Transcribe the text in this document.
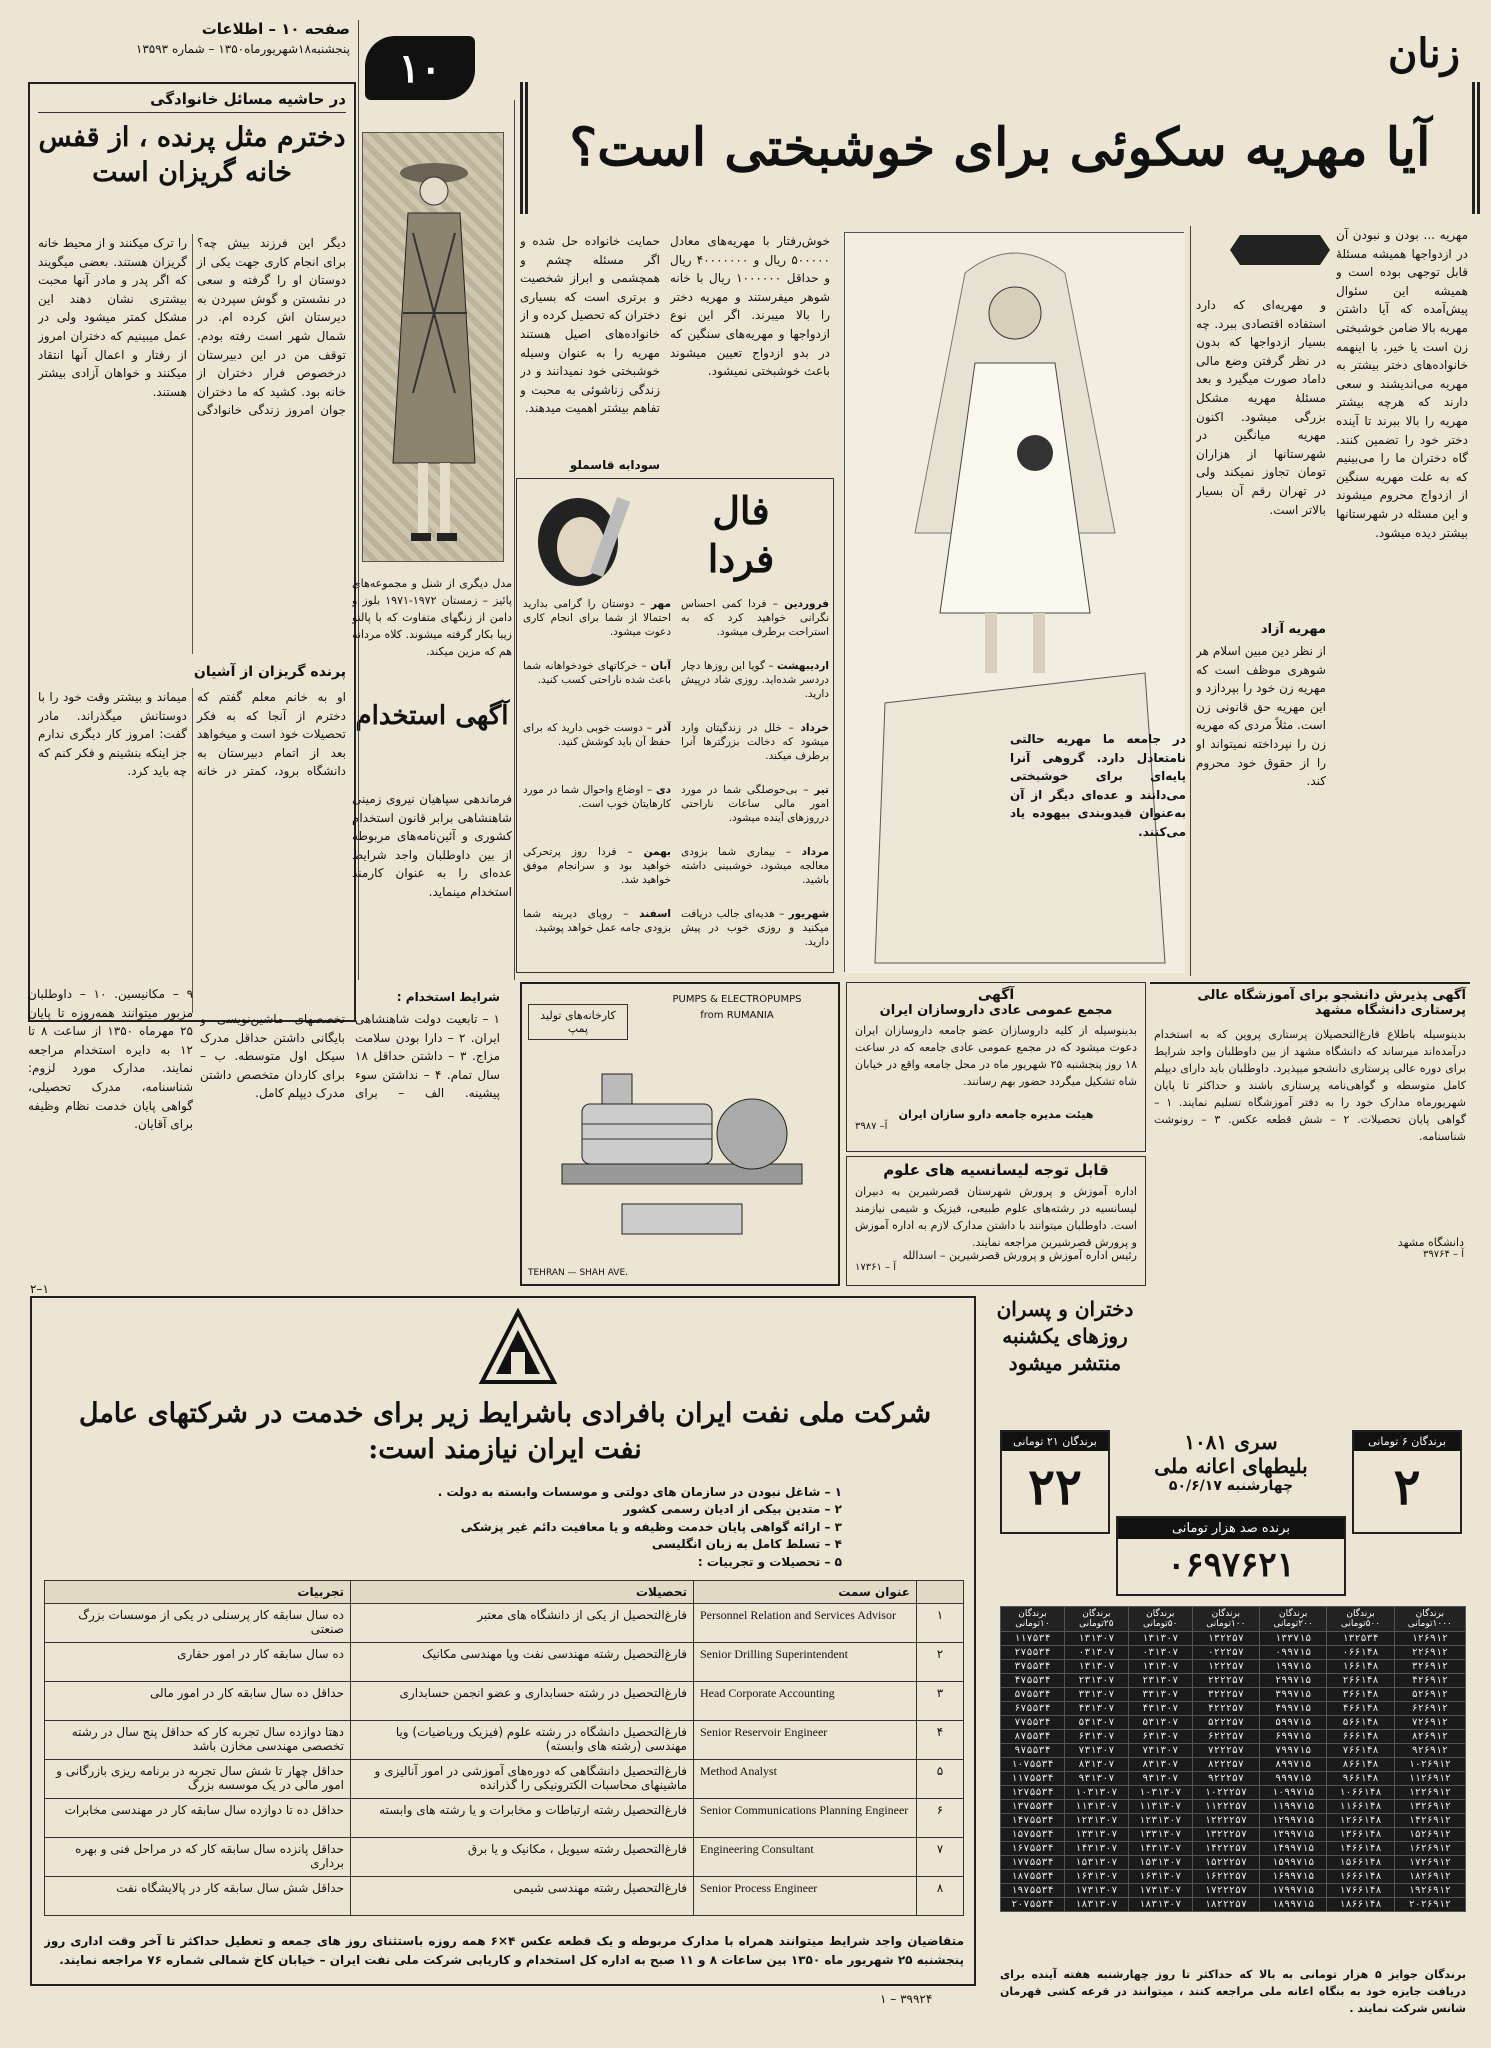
صفحه ۱۰ – اطلاعات
پنجشنبه۱۸شهریورماه۱۳۵۰ – شماره ۱۳۵۹۳
در حاشیه مسائل خانوادگی
دخترم مثل پرنده ، از قفس خانه گریزان است
دیگر این فرزند بیش چه؟ برای انجام کاری جهت یکی از دوستان او را گرفته و سعی در نشستن و گوش سپردن به دیرستان اش کرده ام. در شمال شهر است رفته بودم. توقف من در این دبیرستان درخصوص فرار دختران از خانه بود. کشید که ما دختران جوان امروز زندگی خانوادگی را ترک میکنند و از محیط خانه گریزان هستند. بعضی میگویند که اگر پدر و مادر آنها محبت بیشتری نشان دهند این مشکل کمتر میشود ولی در عمل میبینیم که دختران امروز از رفتار و اعمال آنها انتقاد میکنند و خواهان آزادی بیشتر هستند.
پرنده گریزان از آشیان
او به خانم معلم گفتم که دخترم از آنجا که به فکر تحصیلات خود است و میخواهد بعد از اتمام دبیرستان به دانشگاه برود، کمتر در خانه میماند و بیشتر وقت خود را با دوستانش میگذراند. مادر گفت: امروز کار دیگری ندارم جز اینکه بنشینم و فکر کنم که چه باید کرد.
۱۰
مدل دیگری از شنل و مجموعه‌های پائیز – زمستان ۱۹۷۲-۱۹۷۱ بلوز و دامن از زنگهای متفاوت که با پالتو زیبا بکار گرفته میشوند. کلاه مردانه هم که مزین میکند.
زنان
آیا مهریه سکوئی برای خوشبختی است؟
مهریه ... بودن و نبودن آن در ازدواجها همیشه مسئلهٔ قابل توجهی بوده است و همیشه این سئوال پیش‌آمده که آیا داشتن مهریه بالا ضامن خوشبختی زن است یا خیر. با اینهمه خانواده‌های دختر بیشتر به مهریه می‌اندیشند و سعی دارند که هرچه بیشتر مهریه را بالا ببرند تا آینده دختر خود را تضمین کنند. گاه دختران ما را می‌بینیم که به علت مهریه سنگین از ازدواج محروم میشوند و این مسئله در شهرستانها بیشتر دیده میشود.
و مهریه‌ای که دارد استفاده اقتصادی ببرد. چه بسیار ازدواجها که بدون در نظر گرفتن وضع مالی داماد صورت میگیرد و بعد مسئلهٔ مهریه مشکل بزرگی میشود. اکنون مهریه میانگین در شهرستانها از هزاران تومان تجاوز نمیکند ولی در تهران رقم آن بسیار بالاتر است.
مهریه آزاد
از نظر دین مبین اسلام هر شوهری موظف است که مهریه زن خود را بپردازد و این مهریه حق قانونی زن است. مثلاً مردی که مهریه زن را نپرداخته نمیتواند او را از حقوق خود محروم کند.
در جامعه ما مهریه حالتی نامتعادل دارد. گروهی آنرا پایه‌ای برای خوشبختی می‌دانند و عده‌ای دیگر از آن به‌عنوان قیدوبندی بیهوده یاد می‌کنند.
خوش‌رفتار با مهریه‌های معادل ۵۰۰۰۰۰ ریال و ۴۰۰۰۰۰۰۰ ریال و حداقل ۱۰۰۰۰۰۰ ریال با خانه شوهر میفرستند و مهریه دختر را بالا میبرند. اگر این نوع ازدواجها و مهریه‌های سنگین که در بدو ازدواج تعیین میشوند باعث خوشبختی نمیشود.
حمایت خانواده حل شده و اگر مسئله چشم و همچشمی و ابراز شخصیت و برتری است که بسیاری دختران که تحصیل کرده و از خانواده‌های اصیل هستند مهریه را به عنوان وسیله خوشبختی خود نمیدانند و در زندگی زناشوئی به محبت و تفاهم بیشتر اهمیت میدهند.
سودابه قاسملو
فال
فردا
فروردین – فردا کمی احساس نگرانی خواهید کرد که به استراحت برطرف میشود.
اردیبهشت – گویا این روزها دچار دردسر شده‌اید. روزی شاد درپیش دارید.
خرداد – خلل در زندگیتان وارد میشود که دخالت بزرگترها آنرا برطرف میکند.
تیر – بی‌حوصلگی شما در مورد امور مالی ساعات ناراحتی درروزهای آینده میشود.
مرداد – بیماری شما بزودی معالجه میشود، خوشبینی داشته باشید.
شهریور – هدیه‌ای جالب دریافت میکنید و روزی خوب در پیش دارید.
مهر – دوستان را گرامی بدارید احتمالا از شما برای انجام کاری دعوت میشود.
آبان – خرکاتهای خودخواهانه شما باعث شده ناراحتی کسب کنید.
آذر – دوست خوبی دارید که برای حفظ آن باید کوشش کنید.
دی – اوضاع واحوال شما در مورد کارهایتان خوب است.
بهمن – فردا روز پرتحرکی خواهید بود و سرانجام موفق خواهید شد.
اسفند – رویای دیرینه شما بزودی جامه عمل خواهد پوشید.
آگهی استخدام
فرماندهی سپاهیان نیروی زمینی شاهنشاهی برابر قانون استخدام کشوری و آئین‌نامه‌های مربوطه از بین داوطلبان واجد شرایط عده‌ای را به عنوان کارمند استخدام مینماید.
شرایط استخدام :
۱ – تابعیت دولت شاهنشاهی ایران. ۲ – دارا بودن سلامت مزاج. ۳ – داشتن حداقل ۱۸ سال تمام. ۴ – نداشتن سوء پیشینه. الف – برای تخصصهای ماشین‌نویسی و بایگانی داشتن حداقل مدرک سیکل اول متوسطه. ب – برای کاردان متخصص داشتن مدرک دیپلم کامل.
۹ – مکانیسین. ۱۰ – داوطلبان مزبور میتوانند همه‌روزه تا پایان ۲۵ مهرماه ۱۳۵۰ از ساعت ۸ تا ۱۲ به دایره استخدام مراجعه نمایند. مدارک مورد لزوم: شناسنامه، مدرک تحصیلی، گواهی پایان خدمت نظام وظیفه برای آقایان.
۲–۱
PUMPS & ELECTROPUMPS
from RUMANIA
کارخانه‌های تولید پمپ
TEHRAN — SHAH AVE.
آگهی
مجمع عمومی عادی داروسازان ایران
بدینوسیله از کلیه داروسازان عضو جامعه داروسازان ایران دعوت میشود که در مجمع عمومی عادی جامعه که در ساعت ۱۸ روز پنجشنبه ۲۵ شهریور ماه در محل جامعه واقع در خیابان شاه تشکیل میگردد حضور بهم رسانند.
هیئت مدیره جامعه دارو سازان ایران
آ– ۳۹۸۷
قابل توجه لیسانسیه های علوم
اداره آموزش و پرورش شهرستان قصرشیرین به دبیران لیسانسیه در رشته‌های علوم طبیعی، فیزیک و شیمی نیازمند است. داوطلبان میتوانند با داشتن مدارک لازم به اداره آموزش و پرورش قصرشیرین مراجعه نمایند.
رئیس اداره آموزش و پرورش قصرشیرین – اسدالله
آ – ۱۷۳۶۱
آگهی پذیرش دانشجو برای آموزشگاه عالی پرستاری دانشگاه مشهد
بدینوسیله باطلاع فارغ‌التحصیلان پرستاری پروین که به استخدام درآمده‌اند میرساند که دانشگاه مشهد از بین داوطلبان واجد شرایط برای دوره عالی پرستاری دانشجو میپذیرد. داوطلبان باید دارای دیپلم کامل متوسطه و گواهی‌نامه پرستاری باشند و حداکثر تا پایان شهریورماه مدارک خود را به دفتر آموزشگاه تسلیم نمایند. ۱ – گواهی پایان تحصیلات. ۲ – شش قطعه عکس. ۳ – رونوشت شناسنامه.
دانشگاه مشهد
آ – ۳۹۷۶۴
دختران و پسران روزهای یکشنبه منتشر میشود
شرکت ملی نفت ایران بافرادی باشرایط زیر برای خدمت در شرکتهای عامل نفت ایران نیازمند است:
۱ – شاغل نبودن در سازمان های دولتی و موسسات وابسته به دولت .
۲ – متدین بیکی از ادیان رسمی کشور
۳ – ارائه گواهی پایان خدمت وظیفه و یا معافیت دائم غیر پزشکی
۴ – تسلط کامل به زبان انگلیسی
۵ – تحصیلات و تجربیات :
	عنوان سمت	تحصیلات	تجربیات
۱	Personnel Relation and Services Advisor	فارغ‌التحصیل از یکی از دانشگاه های معتبر	ده سال سابقه کار پرسنلی در یکی از موسسات بزرگ صنعتی
۲	Senior Drilling Superintendent	فارغ‌التحصیل رشته مهندسی نفت ویا مهندسی مکانیک	ده سال سابقه کار در امور حفاری
۳	Head Corporate Accounting	فارغ‌التحصیل در رشته حسابداری و عضو انجمن حسابداری	حداقل ده سال سابقه کار در امور مالی
۴	Senior Reservoir Engineer	فارغ‌التحصیل دانشگاه در رشته علوم (فیزیک وریاضیات) ویا مهندسی (رشته های وابسته)	دهتا دوازده سال تجربه کار که حداقل پنج سال در رشته تخصصی مهندسی مخازن باشد
۵	Method Analyst	فارغ‌التحصیل دانشگاهی که دوره‌های آموزشی در امور آنالیزی و ماشینهای محاسبات الکترونیکی را گذرانده	حداقل چهار تا شش سال تجربه در برنامه ریزی بازرگانی و امور مالی در یک موسسه بزرگ
۶	Senior Communications Planning Engineer	فارغ‌التحصیل رشته ارتباطات و مخابرات و یا رشته های وابسته	حداقل ده تا دوازده سال سابقه کار در مهندسی مخابرات
۷	Engineering Consultant	فارغ‌التحصیل رشته سیویل ، مکانیک و یا برق	حداقل پانزده سال سابقه کار که در مراحل فنی و بهره برداری
۸	Senior Process Engineer	فارغ‌التحصیل رشته مهندسی شیمی	حداقل شش سال سابقه کار در پالایشگاه نفت
متقاضیان واجد شرایط میتوانند همراه با مدارک مربوطه و یک قطعه عکس ۴×۶ همه روزه باستثنای روز های جمعه و تعطیل حداکثر تا آخر وقت اداری روز پنجشنبه ۲۵ شهریور ماه ۱۳۵۰ بین ساعات ۸ و ۱۱ صبح به اداره کل استخدام و کاریابی شرکت ملی نفت ایران – خیابان کاخ شمالی شماره ۷۶ مراجعه نمایند.
۱ – ۳۹۹۲۴
برندگان ۲۱ تومانی
۲۲
سری ۱۰۸۱
بلیطهای اعانه ملی
چهارشنبه ۵۰/۶/۱۷
برندگان ۶ تومانی
۲
برنده صد هزار تومانی
۰۶۹۷۶۲۱
برندگان ۱۰۰۰تومانی	برندگان ۵۰۰تومانی	برندگان ۲۰۰تومانی	برندگان ۱۰۰تومانی	برندگان ۵۰تومانی	برندگان ۲۵تومانی	برندگان ۱۰تومانی
۱۲۶۹۱۲	۱۳۲۵۳۴	۱۳۳۷۱۵	۱۳۲۲۵۷	۱۳۱۳۰۷	۱۳۱۳۰۷	۱۱۷۵۳۴
۲۲۶۹۱۲	۰۶۶۱۴۸	۰۹۹۷۱۵	۰۲۲۲۵۷	۰۳۱۳۰۷	۰۳۱۳۰۷	۲۷۵۵۳۴
۳۲۶۹۱۲	۱۶۶۱۴۸	۱۹۹۷۱۵	۱۲۲۲۵۷	۱۳۱۳۰۷	۱۳۱۳۰۷	۳۷۵۵۳۴
۴۲۶۹۱۲	۲۶۶۱۴۸	۲۹۹۷۱۵	۲۲۲۲۵۷	۲۳۱۳۰۷	۲۳۱۳۰۷	۴۷۵۵۳۴
۵۲۶۹۱۲	۳۶۶۱۴۸	۳۹۹۷۱۵	۳۲۲۲۵۷	۳۳۱۳۰۷	۳۳۱۳۰۷	۵۷۵۵۳۴
۶۲۶۹۱۲	۴۶۶۱۴۸	۴۹۹۷۱۵	۴۲۲۲۵۷	۴۳۱۳۰۷	۴۳۱۳۰۷	۶۷۵۵۳۴
۷۲۶۹۱۲	۵۶۶۱۴۸	۵۹۹۷۱۵	۵۲۲۲۵۷	۵۳۱۳۰۷	۵۳۱۳۰۷	۷۷۵۵۳۴
۸۲۶۹۱۲	۶۶۶۱۴۸	۶۹۹۷۱۵	۶۲۲۲۵۷	۶۳۱۳۰۷	۶۳۱۳۰۷	۸۷۵۵۳۴
۹۲۶۹۱۲	۷۶۶۱۴۸	۷۹۹۷۱۵	۷۲۲۲۵۷	۷۳۱۳۰۷	۷۳۱۳۰۷	۹۷۵۵۳۴
۱۰۲۶۹۱۲	۸۶۶۱۴۸	۸۹۹۷۱۵	۸۲۲۲۵۷	۸۳۱۳۰۷	۸۳۱۳۰۷	۱۰۷۵۵۳۴
۱۱۲۶۹۱۲	۹۶۶۱۴۸	۹۹۹۷۱۵	۹۲۲۲۵۷	۹۳۱۳۰۷	۹۳۱۳۰۷	۱۱۷۵۵۳۴
۱۲۲۶۹۱۲	۱۰۶۶۱۴۸	۱۰۹۹۷۱۵	۱۰۲۲۲۵۷	۱۰۳۱۳۰۷	۱۰۳۱۳۰۷	۱۲۷۵۵۳۴
۱۳۲۶۹۱۲	۱۱۶۶۱۴۸	۱۱۹۹۷۱۵	۱۱۲۲۲۵۷	۱۱۳۱۳۰۷	۱۱۳۱۳۰۷	۱۳۷۵۵۳۴
۱۴۲۶۹۱۲	۱۲۶۶۱۴۸	۱۲۹۹۷۱۵	۱۲۲۲۲۵۷	۱۲۳۱۳۰۷	۱۲۳۱۳۰۷	۱۴۷۵۵۳۴
۱۵۲۶۹۱۲	۱۳۶۶۱۴۸	۱۳۹۹۷۱۵	۱۳۲۲۲۵۷	۱۳۳۱۳۰۷	۱۳۳۱۳۰۷	۱۵۷۵۵۳۴
۱۶۲۶۹۱۲	۱۴۶۶۱۴۸	۱۴۹۹۷۱۵	۱۴۲۲۲۵۷	۱۴۳۱۳۰۷	۱۴۳۱۳۰۷	۱۶۷۵۵۳۴
۱۷۲۶۹۱۲	۱۵۶۶۱۴۸	۱۵۹۹۷۱۵	۱۵۲۲۲۵۷	۱۵۳۱۳۰۷	۱۵۳۱۳۰۷	۱۷۷۵۵۳۴
۱۸۲۶۹۱۲	۱۶۶۶۱۴۸	۱۶۹۹۷۱۵	۱۶۲۲۲۵۷	۱۶۳۱۳۰۷	۱۶۳۱۳۰۷	۱۸۷۵۵۳۴
۱۹۲۶۹۱۲	۱۷۶۶۱۴۸	۱۷۹۹۷۱۵	۱۷۲۲۲۵۷	۱۷۳۱۳۰۷	۱۷۳۱۳۰۷	۱۹۷۵۵۳۴
۲۰۲۶۹۱۲	۱۸۶۶۱۴۸	۱۸۹۹۷۱۵	۱۸۲۲۲۵۷	۱۸۳۱۳۰۷	۱۸۳۱۳۰۷	۲۰۷۵۵۳۴
برندگان جوایز ۵ هزار تومانی به بالا که حداکثر تا روز چهارشنبه هفته آینده برای دریافت جایزه خود به بنگاه اعانه ملی مراجعه کنند ، میتوانند در قرعه کشی قهرمان شانس شرکت نمایند .
